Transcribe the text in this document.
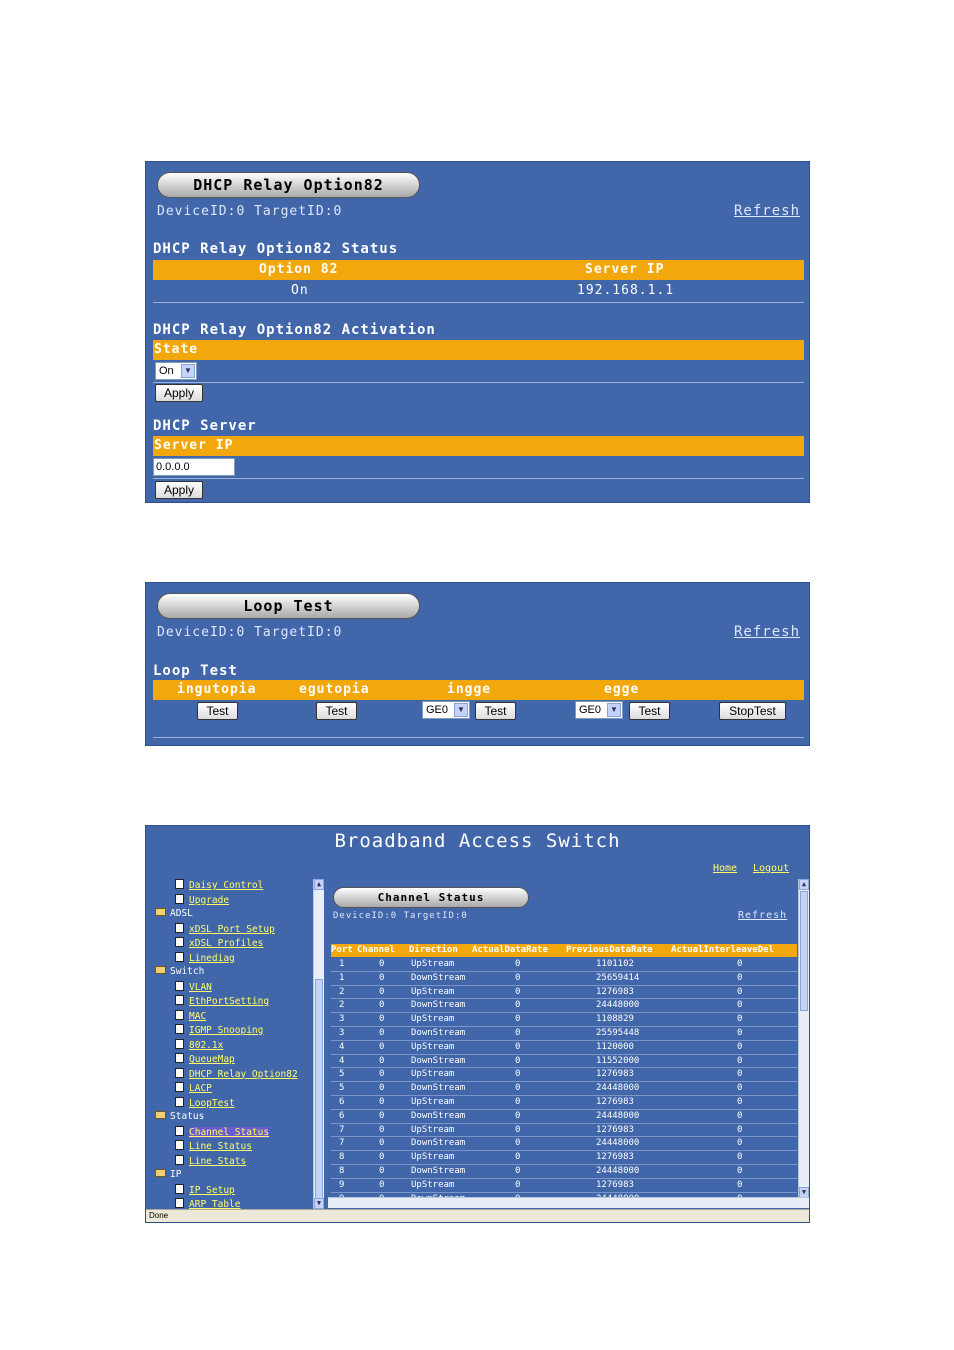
DHCP Relay Option82
DeviceID:0 TargetID:0	Refresh
DHCP Relay Option82 Status
Option 82	Server IP
On	192.168.1.1
DHCP Relay Option82 Activation
State
On	▼
Apply
DHCP Server
Server IP
0.0.0.0
Apply
Loop Test
DeviceID:0 TargetID:0	Refresh
Loop Test
ingutopia	egutopia	ingge	egge
Test	Test	GE0	▼	Test	GE0	▼	Test	StopTest
Broadband Access Switch
Home Logout
Daisy Control
Upgrade
ADSL
xDSL Port Setup
xDSL Profiles
Linediag
Switch
VLAN
EthPortSetting
MAC
IGMP Snooping
802.1x
QueueMap
DHCP Relay Option82
LACP
LoopTest
Status
Channel Status
Line Status
Line Stats
IP
IP Setup
ARP Table
▲
▼
Channel Status
DeviceID:0 TargetID:0	Refresh
Port Channel Direction ActualDataRate PreviousDataRate ActualInterleaveDel
1	0	UpStream	0	1101102	0
1	0	DownStream	0	25659414	0
2	0	UpStream	0	1276983	0
2	0	DownStream	0	24448000	0
3	0	UpStream	0	1108829	0
3	0	DownStream	0	25595448	0
4	0	UpStream	0	1120000	0
4	0	DownStream	0	11552000	0
5	0	UpStream	0	1276983	0
5	0	DownStream	0	24448000	0
6	0	UpStream	0	1276983	0
6	0	DownStream	0	24448000	0
7	0	UpStream	0	1276983	0
7	0	DownStream	0	24448000	0
8	0	UpStream	0	1276983	0
8	0	DownStream	0	24448000	0
9	0	UpStream	0	1276983	0
▲
▼
Done
